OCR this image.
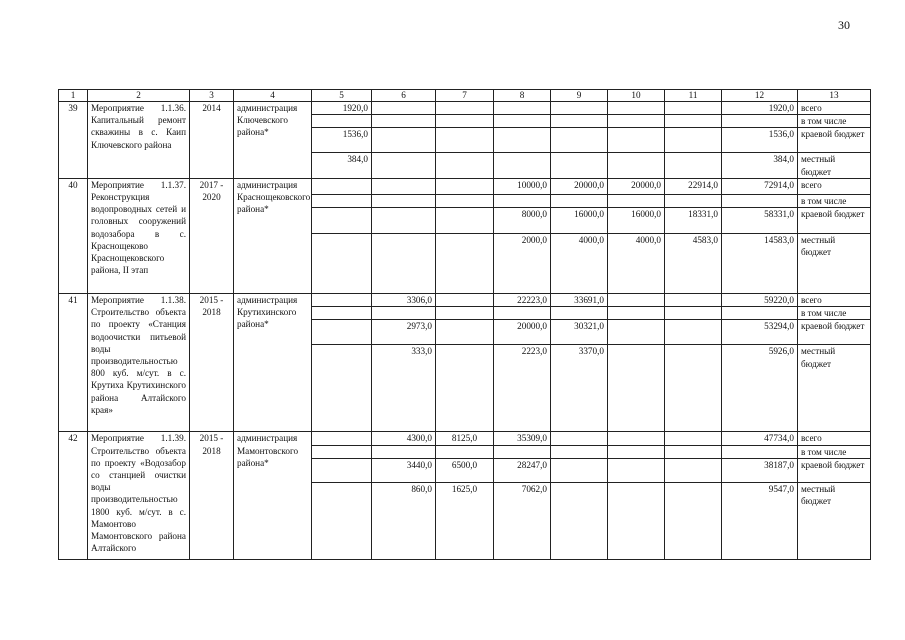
30
1	2	3	4	5	6	7	8	9	10	11	12	13
39	Мероприятие 1.1.36. Капитальный ремонт скважины в с. Каип Ключевского района	2014	администрация Ключевского района*	1920,0							1920,0	всего
												в том числе
				1536,0							1536,0	краевой бюджет
				384,0							384,0	местный бюджет
40	Мероприятие 1.1.37. Реконструкция водопроводных сетей и головных сооружений водозабора в с. Краснощеково Краснощековского района, II этап	2017 - 2020	администрация Краснощековского района*				10000,0	20000,0	20000,0	22914,0	72914,0	всего
												в том числе
							8000,0	16000,0	16000,0	18331,0	58331,0	краевой бюджет
							2000,0	4000,0	4000,0	4583,0	14583,0	местный бюджет
41	Мероприятие 1.1.38. Строительство объекта по проекту «Станция водоочистки питьевой воды производительностью 800 куб. м/сут. в с. Крутиха Крутихинского района Алтайского края»	2015 - 2018	администрация Крутихинского района*		3306,0		22223,0	33691,0			59220,0	всего
												в том числе
					2973,0		20000,0	30321,0			53294,0	краевой бюджет
					333,0		2223,0	3370,0			5926,0	местный бюджет
42	Мероприятие 1.1.39. Строительство объекта по проекту «Водозабор со станцией очистки воды производительностью 1800 куб. м/сут. в с. Мамонтово Мамонтовского района Алтайского	2015 - 2018	администрация Мамонтовского района*		4300,0	8125,0	35309,0				47734,0	всего
												в том числе
					3440,0	6500,0	28247,0				38187,0	краевой бюджет
					860,0	1625,0	7062,0				9547,0	местный бюджет
